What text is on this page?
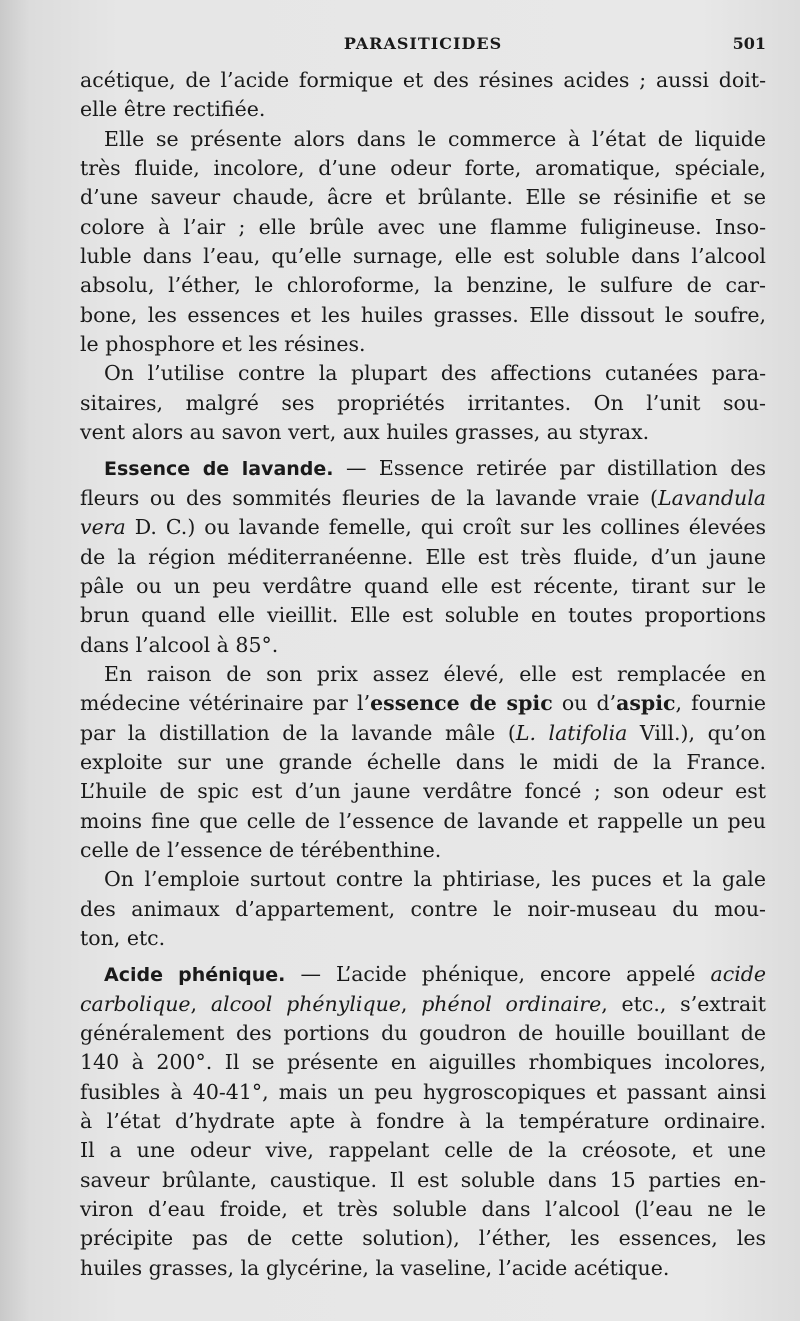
PARASITICIDES	501
acétique, de l’acide formique et des résines acides ; aussi doit-
elle être rectifiée.
Elle se présente alors dans le commerce à l’état de liquide
très fluide, incolore, d’une odeur forte, aromatique, spéciale,
d’une saveur chaude, âcre et brûlante. Elle se résinifie et se
colore à l’air ; elle brûle avec une flamme fuligineuse. Inso-
luble dans l’eau, qu’elle surnage, elle est soluble dans l’alcool
absolu, l’éther, le chloroforme, la benzine, le sulfure de car-
bone, les essences et les huiles grasses. Elle dissout le soufre,
le phosphore et les résines.
On l’utilise contre la plupart des affections cutanées para-
sitaires, malgré ses propriétés irritantes. On l’unit sou-
vent alors au savon vert, aux huiles grasses, au styrax.
Essence de lavande. — Essence retirée par distillation des
fleurs ou des sommités fleuries de la lavande vraie (Lavandula
vera D. C.) ou lavande femelle, qui croît sur les collines élevées
de la région méditerranéenne. Elle est très fluide, d’un jaune
pâle ou un peu verdâtre quand elle est récente, tirant sur le
brun quand elle vieillit. Elle est soluble en toutes proportions
dans l’alcool à 85°.
En raison de son prix assez élevé, elle est remplacée en
médecine vétérinaire par l’essence de spic ou d’aspic, fournie
par la distillation de la lavande mâle (L. latifolia Vill.), qu’on
exploite sur une grande échelle dans le midi de la France.
L’huile de spic est d’un jaune verdâtre foncé ; son odeur est
moins fine que celle de l’essence de lavande et rappelle un peu
celle de l’essence de térébenthine.
On l’emploie surtout contre la phtiriase, les puces et la gale
des animaux d’appartement, contre le noir-museau du mou-
ton, etc.
Acide phénique. — L’acide phénique, encore appelé acide
carbolique, alcool phénylique, phénol ordinaire, etc., s’extrait
généralement des portions du goudron de houille bouillant de
140 à 200°. Il se présente en aiguilles rhombiques incolores,
fusibles à 40-41°, mais un peu hygroscopiques et passant ainsi
à l’état d’hydrate apte à fondre à la température ordinaire.
Il a une odeur vive, rappelant celle de la créosote, et une
saveur brûlante, caustique. Il est soluble dans 15 parties en-
viron d’eau froide, et très soluble dans l’alcool (l’eau ne le
précipite pas de cette solution), l’éther, les essences, les
huiles grasses, la glycérine, la vaseline, l’acide acétique.
